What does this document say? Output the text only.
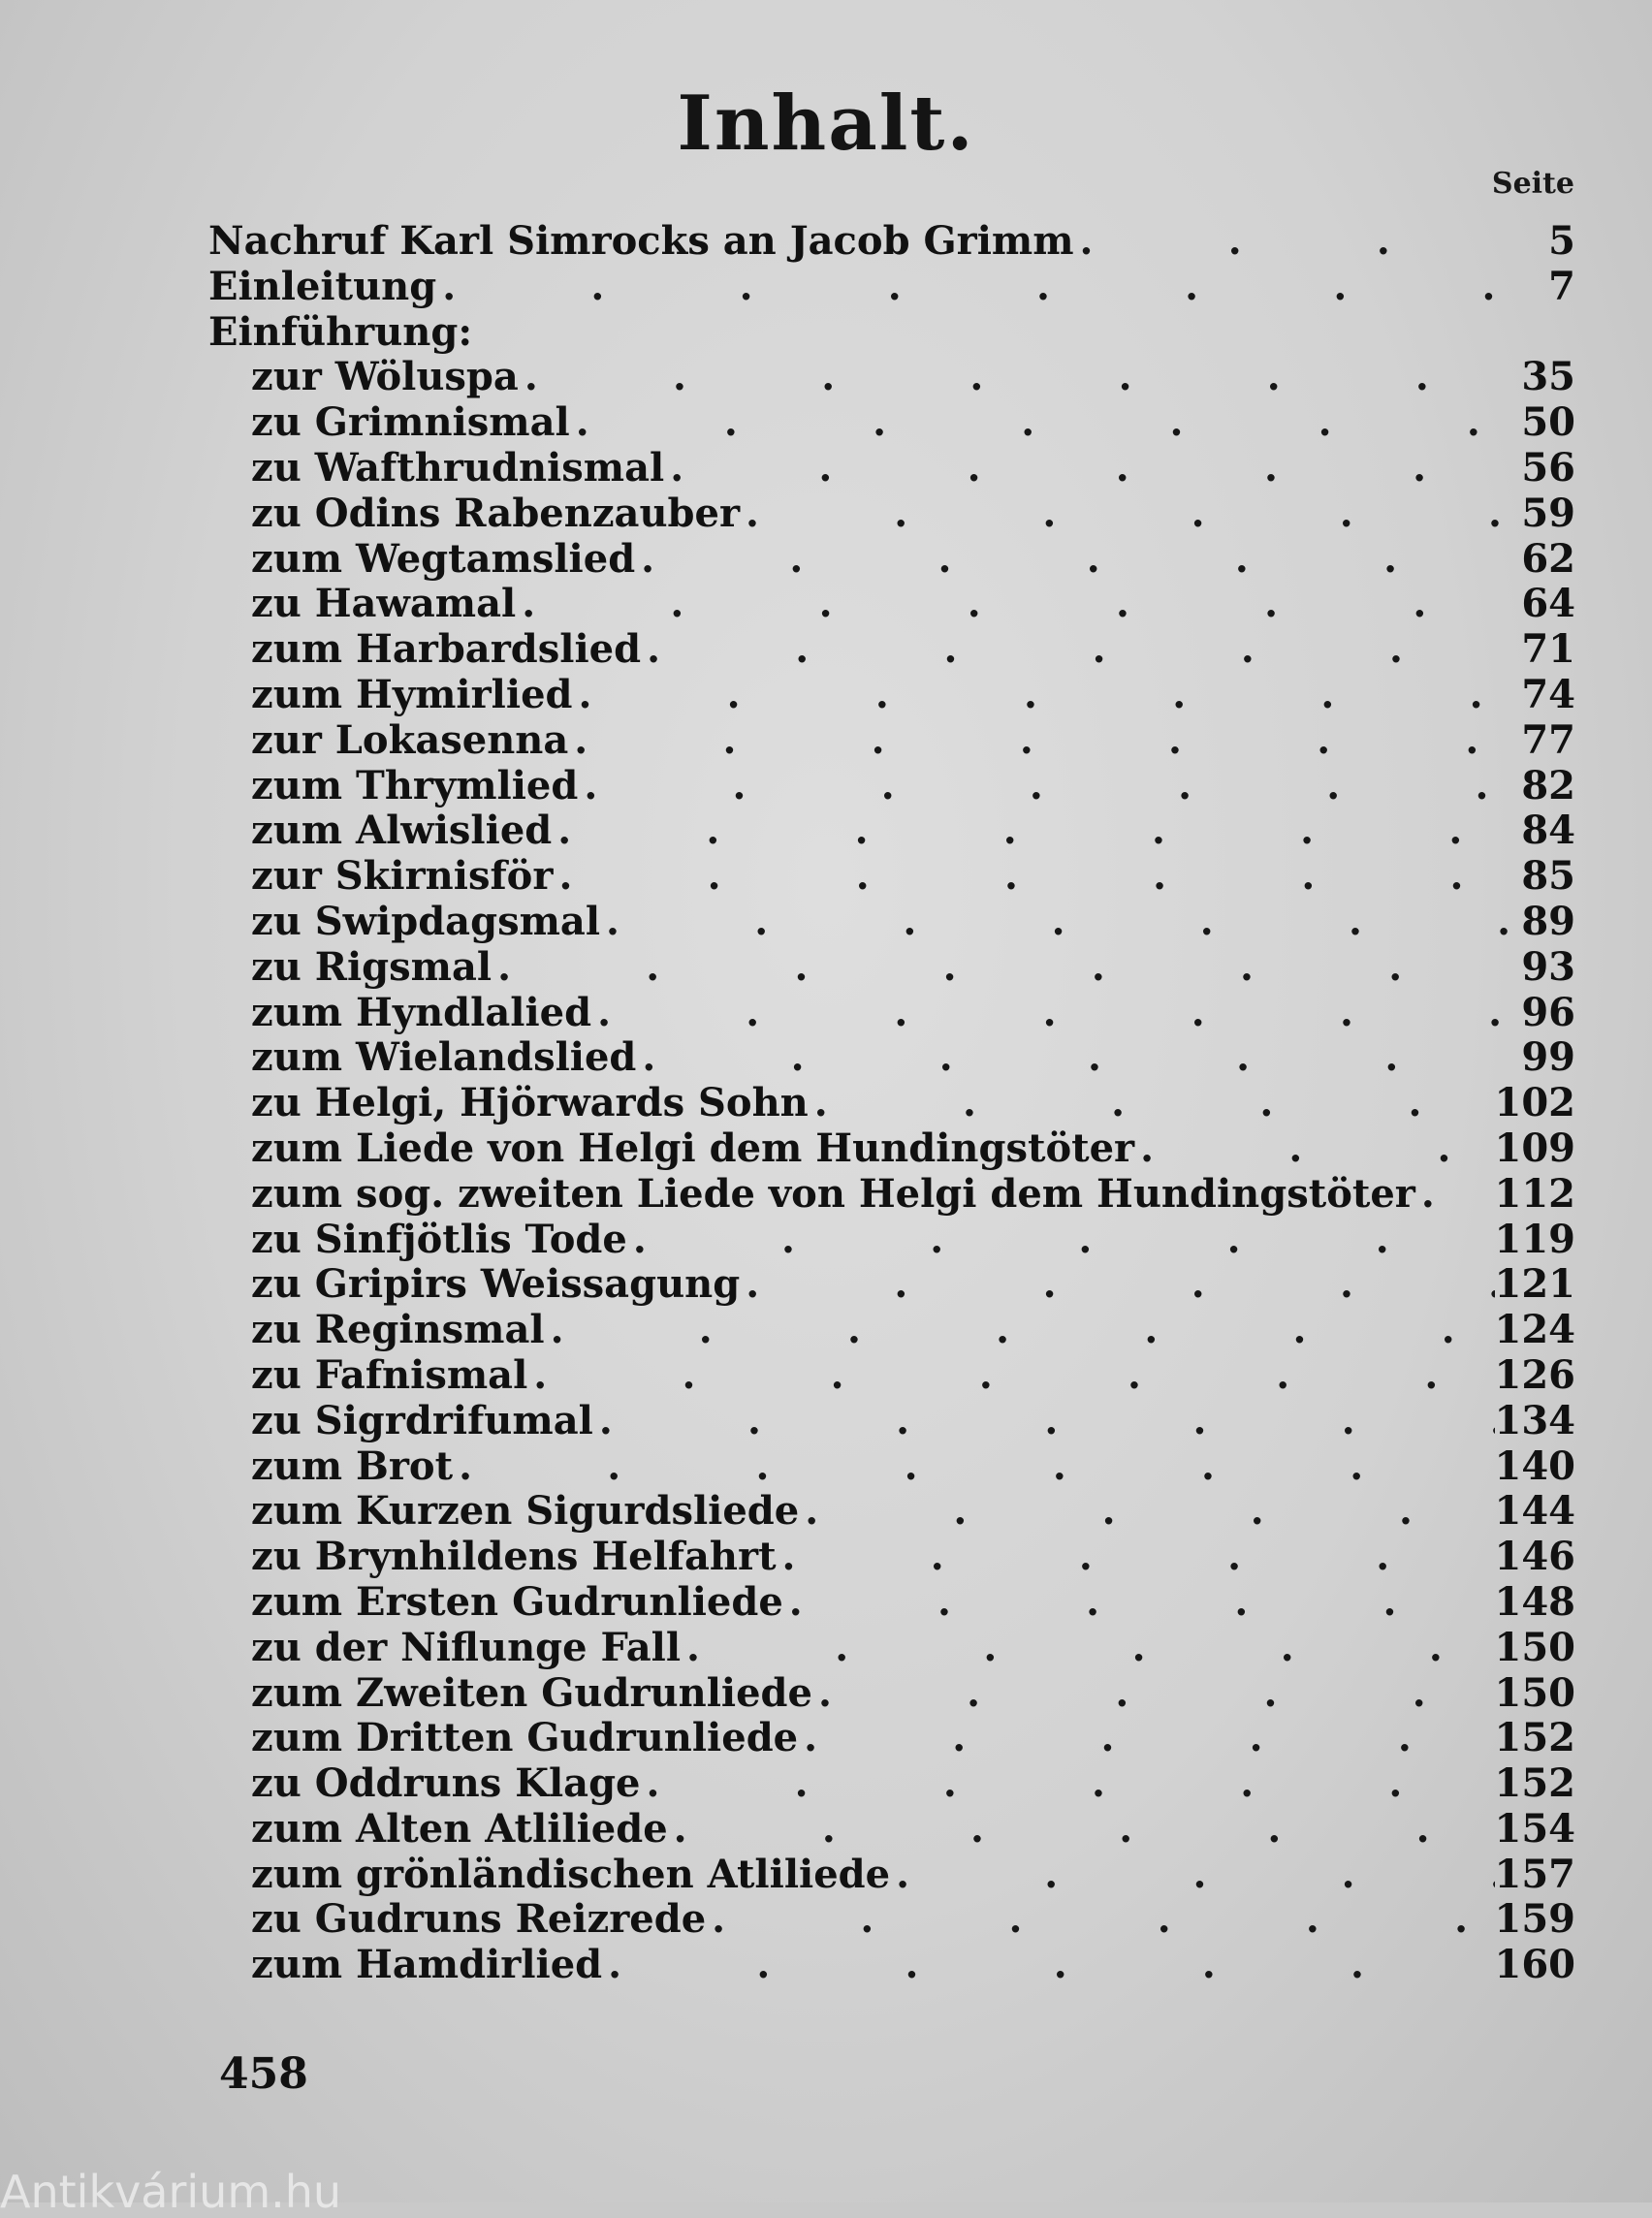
Inhalt.
Seite
Nachruf Karl Simrocks an Jacob Grimm .	5
Einleitung .	7
Einführung:
zur Wöluspa .	35
zu Grimnismal .	50
zu Wafthrudnismal .	56
zu Odins Rabenzauber .	59
zum Wegtamslied .	62
zu Hawamal .	64
zum Harbardslied .	71
zum Hymirlied .	74
zur Lokasenna .	77
zum Thrymlied .	82
zum Alwislied .	84
zur Skirnisför .	85
zu Swipdagsmal .	89
zu Rigsmal .	93
zum Hyndlalied .	96
zum Wielandslied .	99
zu Helgi, Hjörwards Sohn .	102
zum Liede von Helgi dem Hundingstöter .	109
zum sog. zweiten Liede von Helgi dem Hundingstöter . 112
zu Sinfjötlis Tode .	119
zu Gripirs Weissagung .	121
zu Reginsmal .	124
zu Fafnismal .	126
zu Sigrdrifumal .	134
zum Brot .	140
zum Kurzen Sigurdsliede .	144
zu Brynhildens Helfahrt .	146
zum Ersten Gudrunliede .	148
zu der Niflunge Fall .	150
zum Zweiten Gudrunliede .	150
zum Dritten Gudrunliede .	152
zu Oddruns Klage .	152
zum Alten Atliliede .	154
zum grönländischen Atliliede .	157
zu Gudruns Reizrede .	159
zum Hamdirlied .	160
458
Antikvárium.hu
